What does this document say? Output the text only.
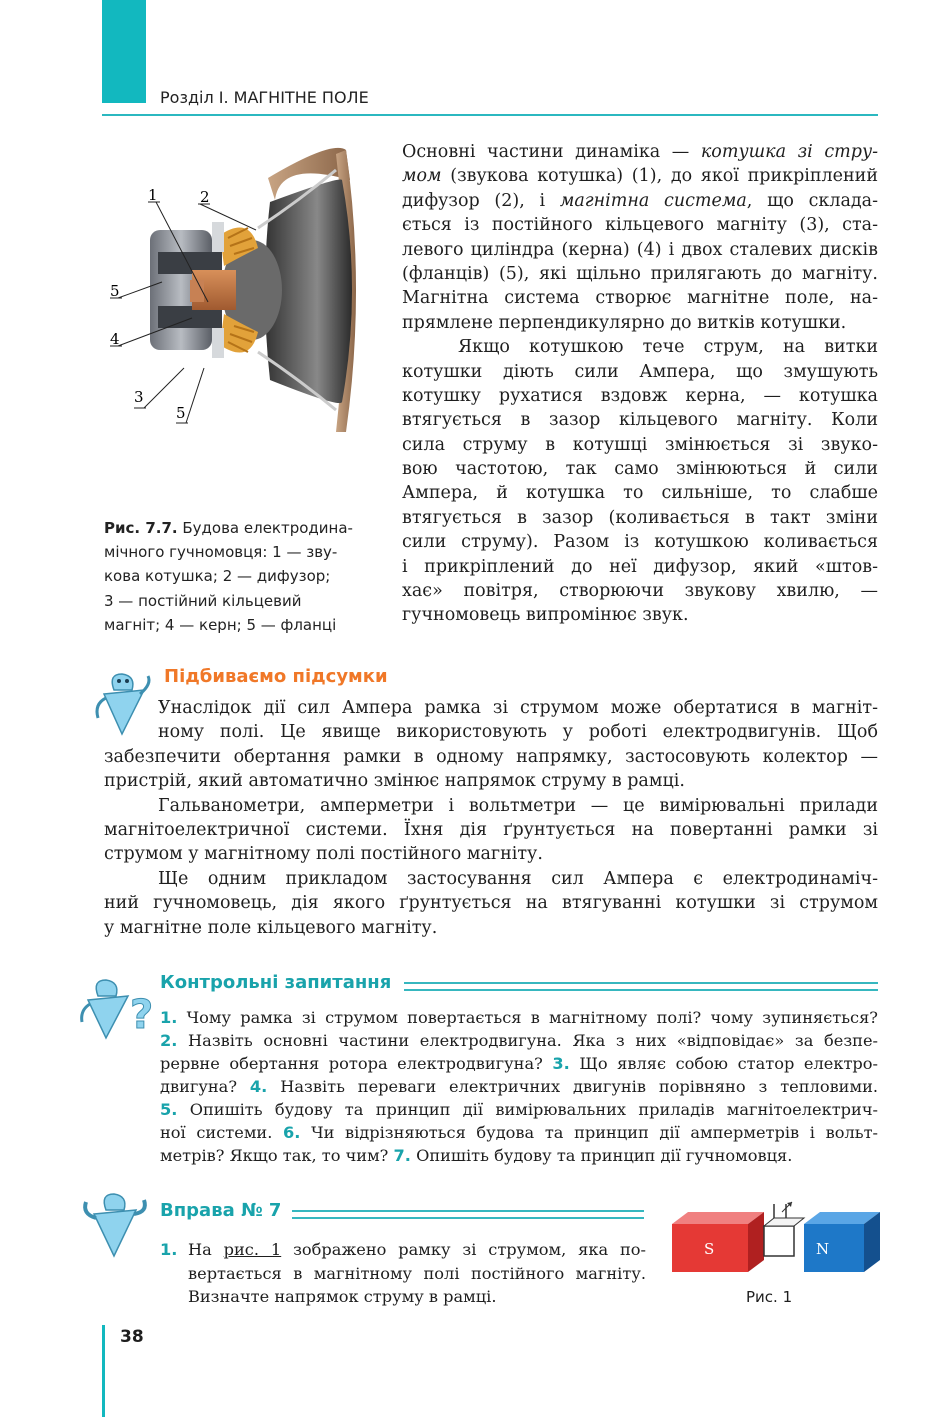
Розділ І. МАГНІТНЕ ПОЛЕ
1	2
5
4
3
5
Рис. 7.7. Будова електродина-
мічного гучномовця: 1 — зву-
кова котушка; 2 — дифузор;
3 — постійний кільцевий
магніт; 4 — керн; 5 — фланці
Основні частини динаміка — котушка зі стру-
мом (звукова котушка) (1), до якої прикріплений
дифузор (2), і магнітна система, що склада-
ється із постійного кільцевого магніту (3), ста-
левого циліндра (керна) (4) і двох сталевих дисків
(фланців) (5), які щільно прилягають до магніту.
Магнітна система створює магнітне поле, на-
прямлене перпендикулярно до витків котушки.
Якщо котушкою тече струм, на витки
котушки діють сили Ампера, що змушують
котушку рухатися вздовж керна, — котушка
втягується в зазор кільцевого магніту. Коли
сила струму в котушці змінюється зі звуко-
вою частотою, так само змінюються й сили
Ампера, й котушка то сильніше, то слабше
втягується в зазор (коливається в такт зміни
сили струму). Разом із котушкою коливається
і прикріплений до неї дифузор, який «штов-
хає» повітря, створюючи звукову хвилю, —
гучномовець випромінює звук.
Підбиваємо підсумки
Унаслідок дії сил Ампера рамка зі струмом може обертатися в магніт-
ному полі. Це явище використовують у роботі електродвигунів. Щоб
забезпечити обертання рамки в одному напрямку, застосовують колектор —
пристрій, який автоматично змінює напрямок струму в рамці.
Гальванометри, амперметри і вольтметри — це вимірювальні прилади
магнітоелектричної системи. Їхня дія ґрунтується на повертанні рамки зі
струмом у магнітному полі постійного магніту.
Ще одним прикладом застосування сил Ампера є електродинаміч-
ний гучномовець, дія якого ґрунтується на втягуванні котушки зі струмом
у магнітне поле кільцевого магніту.
?
Контрольні запитання
1. Чому рамка зі струмом повертається в магнітному полі? чому зупиняється?
2. Назвіть основні частини електродвигуна. Яка з них «відповідає» за безпе-
рервне обертання ротора електродвигуна? 3. Що являє собою статор електро-
двигуна? 4. Назвіть переваги електричних двигунів порівняно з тепловими.
5. Опишіть будову та принцип дії вимірювальних приладів магнітоелектрич-
ної системи. 6. Чи відрізняються будова та принцип дії амперметрів і вольт-
метрів? Якщо так, то чим? 7. Опишіть будову та принцип дії гучномовця.
Вправа № 7
1. На рис. 1 зображено рамку зі струмом, яка по-
вертається в магнітному полі постійного магніту.
Визначте напрямок струму в рамці.
S	N
Рис. 1
38
